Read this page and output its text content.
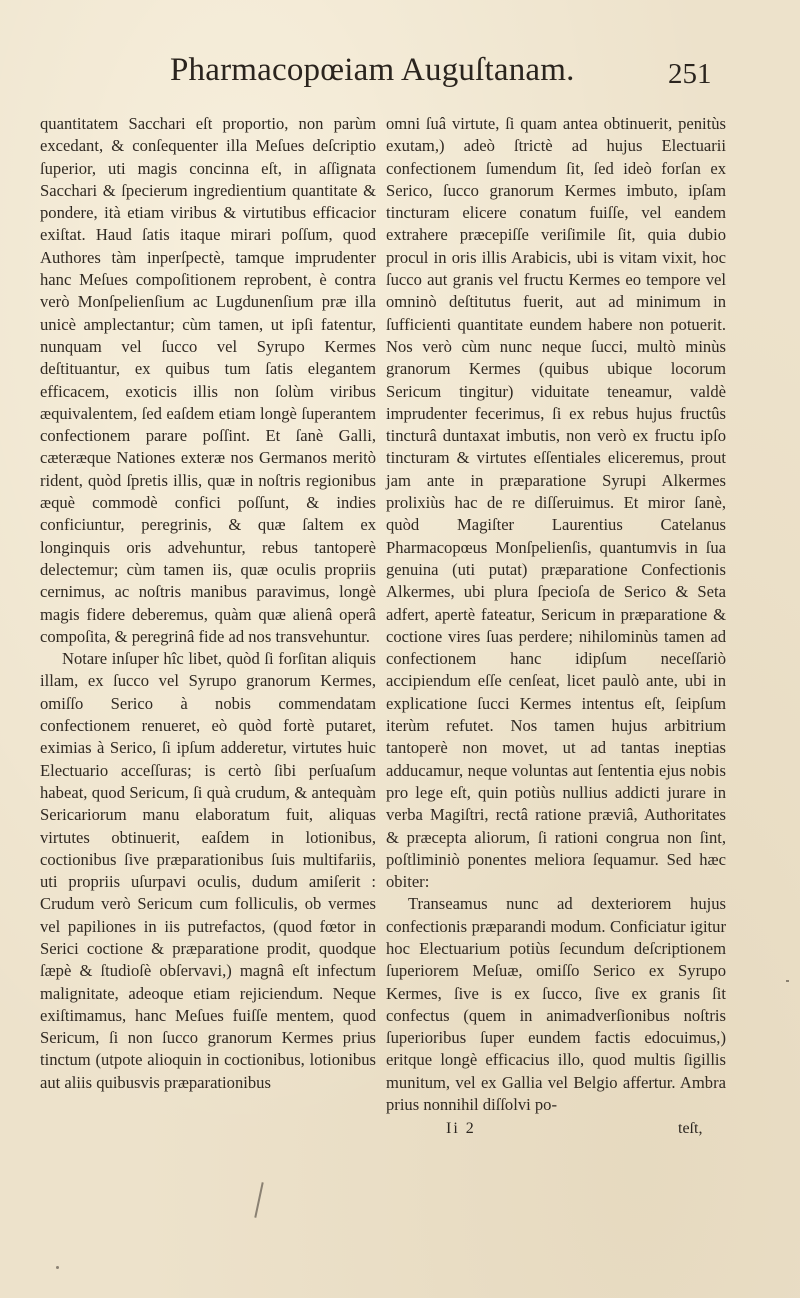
Pharmacopœiam Auguſtanam.	251

quantitatem Sacchari eſt proportio, non parùm excedant, & conſequenter illa Meſues deſcriptio ſuperior, uti magis concinna eſt, in aſſignata Sacchari & ſpecierum ingredientium quantitate & pondere, ità etiam viribus & virtutibus efficacior exiſtat. Haud ſatis itaque mirari poſſum, quod Authores tàm inperſpectè, tamque imprudenter hanc Meſues compoſitionem reprobent, è contra verò Monſpelienſium ac Lugdunenſium præ illa unicè amplectantur; cùm tamen, ut ipſi fatentur, nunquam vel ſucco vel Syrupo Kermes deſtituantur, ex quibus tum ſatis elegantem efficacem, exoticis illis non ſolùm viribus æquivalentem, ſed eaſdem etiam longè ſuperantem confectionem parare poſſint. Et ſanè Galli, cæteræque Nationes exteræ nos Germanos meritò rident, quòd ſpretis illis, quæ in noſtris regionibus æquè commodè confici poſſunt, & indies conficiuntur, peregrinis, & quæ ſaltem ex longinquis oris advehuntur, rebus tantoperè delectemur; cùm tamen iis, quæ oculis propriis cernimus, ac noſtris manibus paravimus, longè magis fidere deberemus, quàm quæ alienâ operâ compoſita, & peregrinâ fide ad nos transvehuntur.

Notare inſuper hîc libet, quòd ſi forſitan aliquis illam, ex ſucco vel Syrupo granorum Kermes, omiſſo Serico à nobis commendatam confectionem renueret, eò quòd fortè putaret, eximias à Serico, ſi ipſum adderetur, virtutes huic Electuario acceſſuras; is certò ſibi perſuaſum habeat, quod Sericum, ſi quà crudum, & antequàm Sericariorum manu elaboratum fuit, aliquas virtutes obtinuerit, eaſdem in lotionibus, coctionibus ſive præparationibus ſuis multifariis, uti propriis uſurpavi oculis, dudum amiſerit : Crudum verò Sericum cum folliculis, ob vermes vel papiliones in iis putrefactos, (quod fœtor in Serici coctione & præparatione prodit, quodque ſæpè & ſtudioſè obſervavi,) magnâ eſt infectum malignitate, adeoque etiam rejiciendum. Neque exiſtimamus, hanc Meſues fuiſſe mentem, quod Sericum, ſi non ſucco granorum Kermes prius tinctum (utpote alioquin in coctionibus, lotionibus aut aliis quibusvis præparationibus

omni ſuâ virtute, ſi quam antea obtinuerit, penitùs exutam,) adeò ſtrictè ad hujus Electuarii confectionem ſumendum ſit, ſed ideò forſan ex Serico, ſucco granorum Kermes imbuto, ipſam tincturam elicere conatum fuiſſe, vel eandem extrahere præcepiſſe veriſimile ſit, quia dubio procul in oris illis Arabicis, ubi is vitam vixit, hoc ſucco aut granis vel fructu Kermes eo tempore vel omninò deſtitutus fuerit, aut ad minimum in ſufficienti quantitate eundem habere non potuerit. Nos verò cùm nunc neque ſucci, multò minùs granorum Kermes (quibus ubique locorum Sericum tingitur) viduitate teneamur, valdè imprudenter fecerimus, ſi ex rebus hujus fructûs tincturâ duntaxat imbutis, non verò ex fructu ipſo tincturam & virtutes eſſentiales eliceremus, prout jam ante in præparatione Syrupi Alkermes prolixiùs hac de re diſſeruimus. Et miror ſanè, quòd Magiſter Laurentius Catelanus Pharmacopœus Monſpelienſis, quantumvis in ſua genuina (uti putat) præparatione Confectionis Alkermes, ubi plura ſpecioſa de Serico & Seta adfert, apertè fateatur, Sericum in præparatione & coctione vires ſuas perdere; nihilominùs tamen ad confectionem hanc idipſum neceſſariò accipiendum eſſe cenſeat, licet paulò ante, ubi in explicatione ſucci Kermes intentus eſt, ſeipſum iterùm refutet. Nos tamen hujus arbitrium tantoperè non movet, ut ad tantas ineptias adducamur, neque voluntas aut ſententia ejus nobis pro lege eſt, quin potiùs nullius addicti jurare in verba Magiſtri, rectâ ratione præviâ, Authoritates & præcepta aliorum, ſi rationi congrua non ſint, poſtliminiò ponentes meliora ſequamur. Sed hæc obiter:

Transeamus nunc ad dexteriorem hujus confectionis præparandi modum. Conficiatur igitur hoc Electuarium potiùs ſecundum deſcriptionem ſuperiorem Meſuæ, omiſſo Serico ex Syrupo Kermes, ſive is ex ſucco, ſive ex granis ſit confectus (quem in animadverſionibus noſtris ſuperioribus ſuper eundem factis edocuimus,) eritque longè efficacius illo, quod multis ſigillis munitum, vel ex Gallia vel Belgio affertur. Ambra prius nonnihil diſſolvi po-

Ii 2	teſt,
